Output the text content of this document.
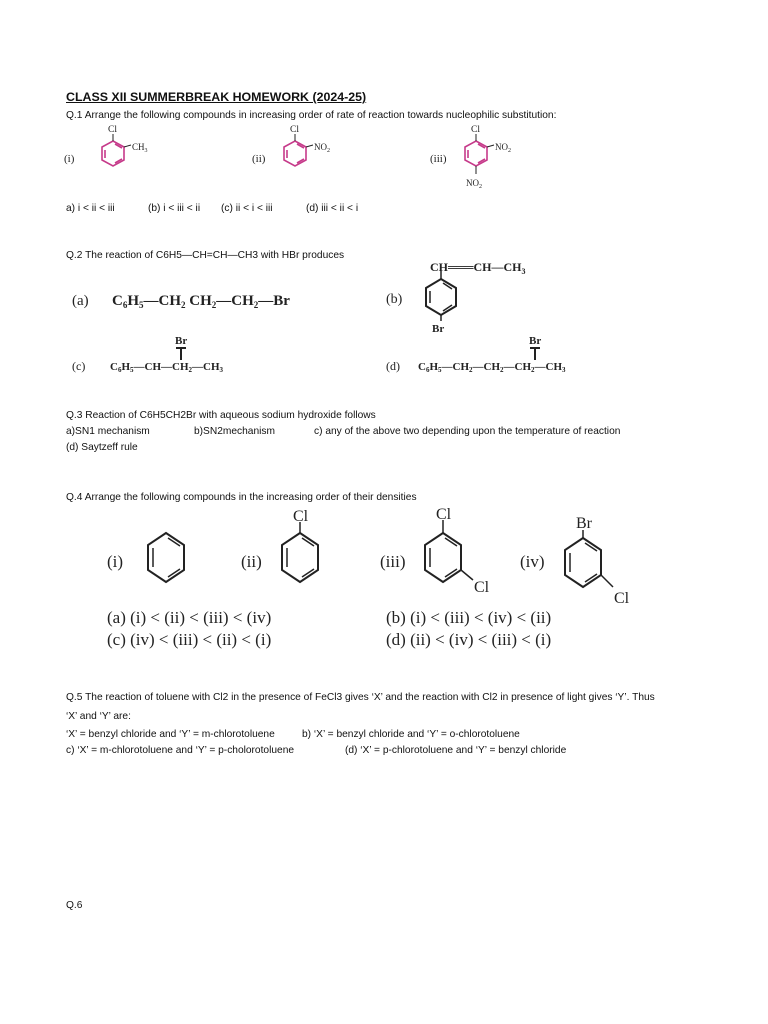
CLASS XII SUMMERBREAK HOMEWORK (2024-25)
Q.1 Arrange the following compounds in increasing order of rate of reaction towards nucleophilic substitution:
a) i < ii < iii	(b) i < iii < ii (c) ii < i < iii	(d) iii < ii < i
Q.2 The reaction of C6H5—CH=CH—CH3 with HBr produces
Q.3 Reaction of C6H5CH2Br with aqueous sodium hydroxide follows
a)SN1 mechanism	b)SN2mechanism	c) any of the above two depending upon the temperature of reaction
(d) Saytzeff rule
Q.4 Arrange the following compounds in the increasing order of their densities
Q.5 The reaction of toluene with Cl2 in the presence of FeCl3 gives ‘X’ and the reaction with Cl2 in presence of light gives ‘Y’. Thus
‘X’ and ‘Y’ are:
‘X’ = benzyl chloride and ‘Y’ = m-chlorotoluene	b) ‘X’ = benzyl chloride and ‘Y’ = o-chlorotoluene
c) ‘X’ = m-chlorotoluene and ‘Y’ = p-cholorotoluene	(d) ‘X’ = p-chlorotoluene and ‘Y’ = benzyl chloride
Q.6
(i)
Cl
$CH_3$
(ii)
Cl
$NO_2$
(iii)
Cl
$NO_2$
$NO_2$
(a) $C_6H_5—CH_2$ $CH_2—CH_2—Br$	(b)
$CH═══CH—CH_3$
Br
Br
(c) C6H5—CH—CH2—CH3
Br
(d) C6H5—CH2—CH2—CH2—CH3
(i)	(ii)
Cl
(iii)
Cl
Cl
(iv)
Br
Cl
(a) (i) < (ii) < (iii) < (iv)	(b) (i) < (iii) < (iv) < (ii)
(c) (iv) < (iii) < (ii) < (i)	(d) (ii) < (iv) < (iii) < (i)
